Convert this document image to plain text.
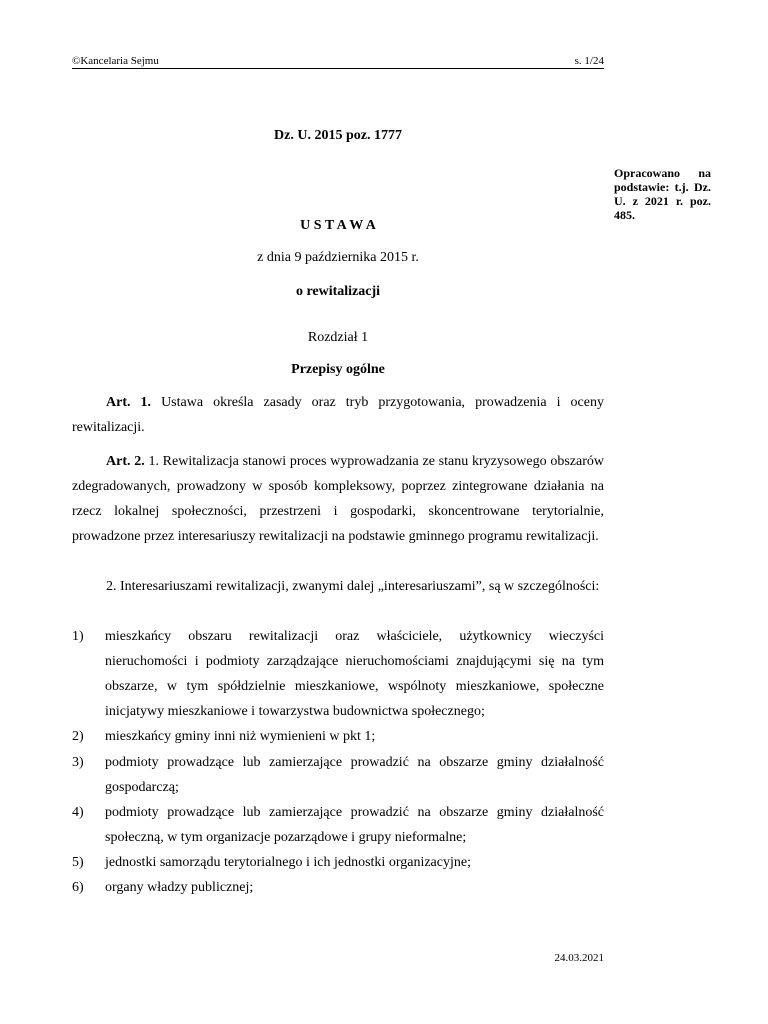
©Kancelaria Sejmu	s. 1/24
Dz. U. 2015 poz. 1777
Opracowano na podstawie: t.j. Dz. U. z 2021 r. poz. 485.
U S T A W A
z dnia 9 października 2015 r.
o rewitalizacji
Rozdział 1
Przepisy ogólne
Art. 1. Ustawa określa zasady oraz tryb przygotowania, prowadzenia i oceny rewitalizacji.
Art. 2. 1. Rewitalizacja stanowi proces wyprowadzania ze stanu kryzysowego obszarów zdegradowanych, prowadzony w sposób kompleksowy, poprzez zintegrowane działania na rzecz lokalnej społeczności, przestrzeni i gospodarki, skoncentrowane terytorialnie, prowadzone przez interesariuszy rewitalizacji na podstawie gminnego programu rewitalizacji.
2. Interesariuszami rewitalizacji, zwanymi dalej „interesariuszami”, są w szczególności:
1) mieszkańcy obszaru rewitalizacji oraz właściciele, użytkownicy wieczyści nieruchomości i podmioty zarządzające nieruchomościami znajdującymi się na tym obszarze, w tym spółdzielnie mieszkaniowe, wspólnoty mieszkaniowe, społeczne inicjatywy mieszkaniowe i towarzystwa budownictwa społecznego;
2) mieszkańcy gminy inni niż wymienieni w pkt 1;
3) podmioty prowadzące lub zamierzające prowadzić na obszarze gminy działalność gospodarczą;
4) podmioty prowadzące lub zamierzające prowadzić na obszarze gminy działalność społeczną, w tym organizacje pozarządowe i grupy nieformalne;
5) jednostki samorządu terytorialnego i ich jednostki organizacyjne;
6) organy władzy publicznej;
24.03.2021
